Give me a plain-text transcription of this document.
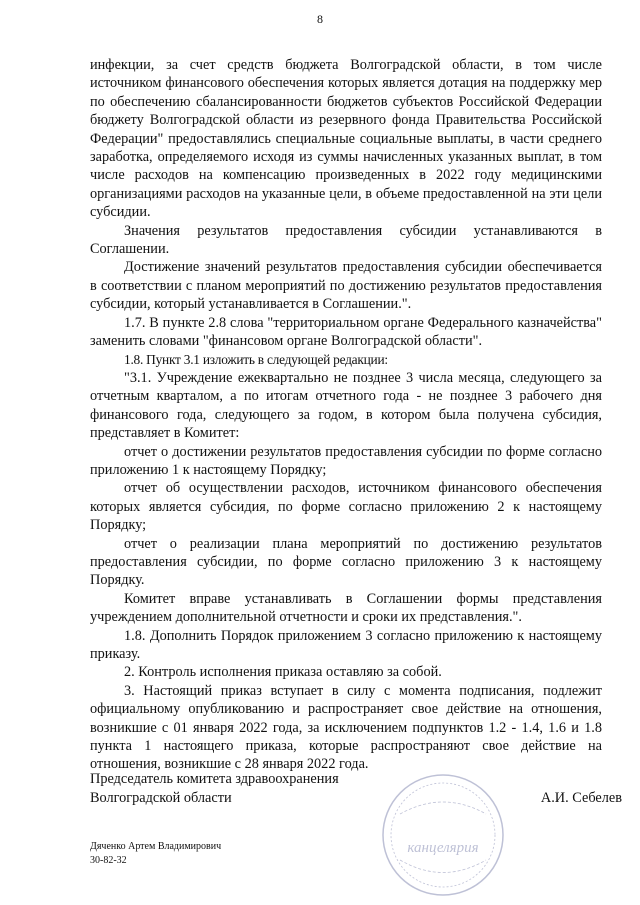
8

инфекции, за счет средств бюджета Волгоградской области, в том числе источником финансового обеспечения которых является дотация на поддержку мер по обеспечению сбалансированности бюджетов субъектов Российской Федерации бюджету Волгоградской области из резервного фонда Правительства Российской Федерации" предоставлялись специальные социальные выплаты, в части среднего заработка, определяемого исходя из суммы начисленных указанных выплат, в том числе расходов на компенсацию произведенных в 2022 году медицинскими организациями расходов на указанные цели, в объеме предоставленной на эти цели субсидии.

Значения результатов предоставления субсидии устанавливаются в Соглашении.

Достижение значений результатов предоставления субсидии обеспечивается в соответствии с планом мероприятий по достижению результатов предоставления субсидии, который устанавливается в Соглашении.".

1.7. В пункте 2.8 слова "территориальном органе Федерального казначейства" заменить словами "финансовом органе Волгоградской области".

1.8. Пункт 3.1 изложить в следующей редакции:

"3.1. Учреждение ежеквартально не позднее 3 числа месяца, следующего за отчетным кварталом, а по итогам отчетного года - не позднее 3 рабочего дня финансового года, следующего за годом, в котором была получена субсидия, представляет в Комитет:

отчет о достижении результатов предоставления субсидии по форме согласно приложению 1 к настоящему Порядку;

отчет об осуществлении расходов, источником финансового обеспечения которых является субсидия, по форме согласно приложению 2 к настоящему Порядку;

отчет о реализации плана мероприятий по достижению результатов предоставления субсидии, по форме согласно приложению 3 к настоящему Порядку.

Комитет вправе устанавливать в Соглашении формы представления учреждением дополнительной отчетности и сроки их представления.".

1.8. Дополнить Порядок приложением 3 согласно приложению к настоящему приказу.

2. Контроль исполнения приказа оставляю за собой.

3. Настоящий приказ вступает в силу с момента подписания, подлежит официальному опубликованию и распространяет свое действие на отношения, возникшие с 01 января 2022 года, за исключением подпунктов 1.2 - 1.4, 1.6 и 1.8 пункта 1 настоящего приказа, которые распространяют свое действие на отношения, возникшие с 28 января 2022 года.

канцелярия
Председатель комитета здравоохранения
Волгоградской области	А.И. Себелев
Дяченко Артем Владимирович
30-82-32
